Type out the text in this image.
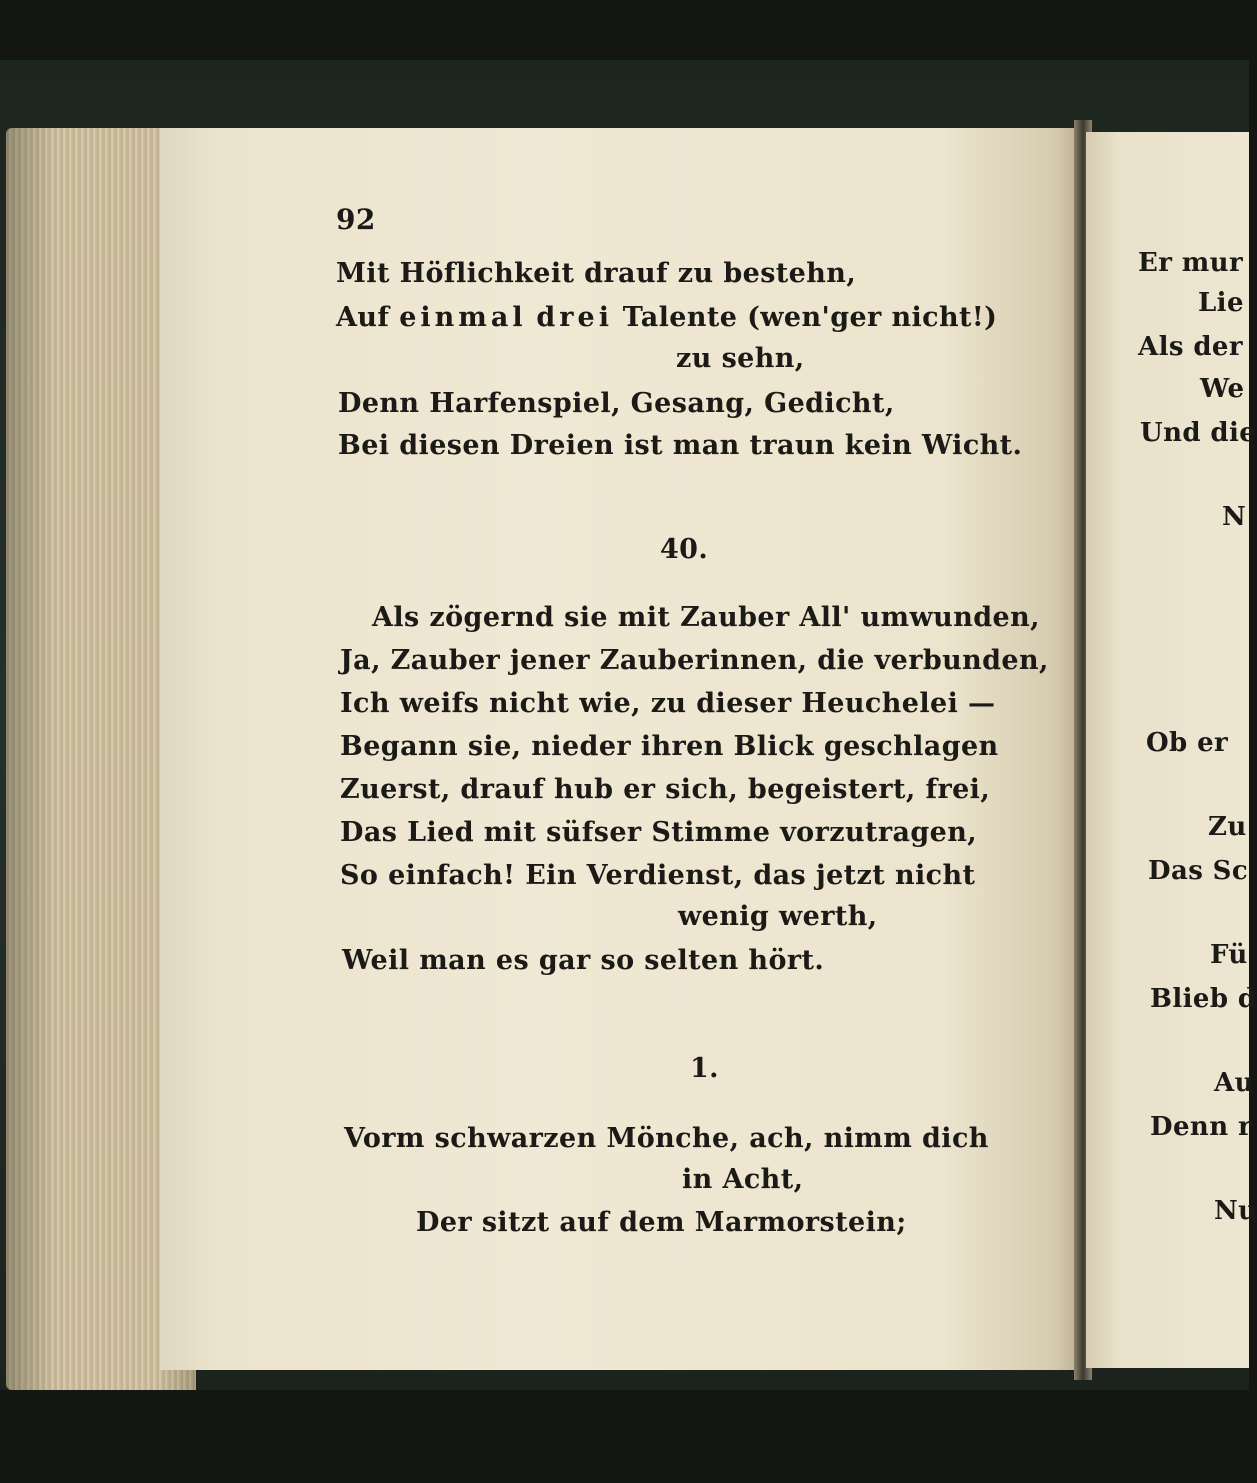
92
Mit Höflichkeit drauf zu bestehn,
Auf einmal drei Talente (wen'ger nicht!)
zu sehn,
Denn Harfenspiel, Gesang, Gedicht,
Bei diesen Dreien ist man traun kein Wicht.
40.
Als zögernd sie mit Zauber All' umwunden,
Ja, Zauber jener Zauberinnen, die verbunden,
Ich weifs nicht wie, zu dieser Heuchelei —
Begann sie, nieder ihren Blick geschlagen
Zuerst, drauf hub er sich, begeistert, frei,
Das Lied mit süfser Stimme vorzutragen,
So einfach! Ein Verdienst, das jetzt nicht
wenig werth,
Weil man es gar so selten hört.
1.
Vorm schwarzen Mönche, ach, nimm dich
in Acht,
Der sitzt auf dem Marmorstein;
Er mur
Lie
Als der
We
Und die
N
Ob er
Zu
Das Sc
Fü
Blieb d
Au
Denn r
Nu
